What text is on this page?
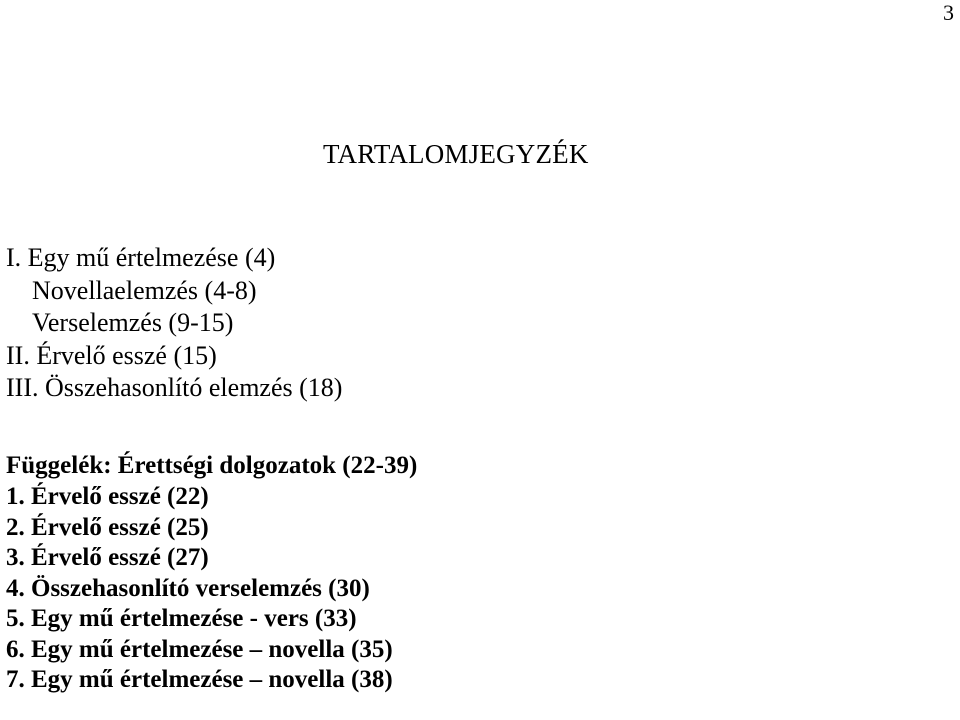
3
TARTALOMJEGYZÉK
I. Egy mű értelmezése (4)
Novellaelemzés (4-8)
Verselemzés (9-15)
II. Érvelő esszé (15)
III. Összehasonlító elemzés (18)
Függelék: Érettségi dolgozatok (22-39)
1. Érvelő esszé (22)
2. Érvelő esszé (25)
3. Érvelő esszé (27)
4. Összehasonlító verselemzés (30)
5. Egy mű értelmezése - vers (33)
6. Egy mű értelmezése – novella (35)
7. Egy mű értelmezése – novella (38)
